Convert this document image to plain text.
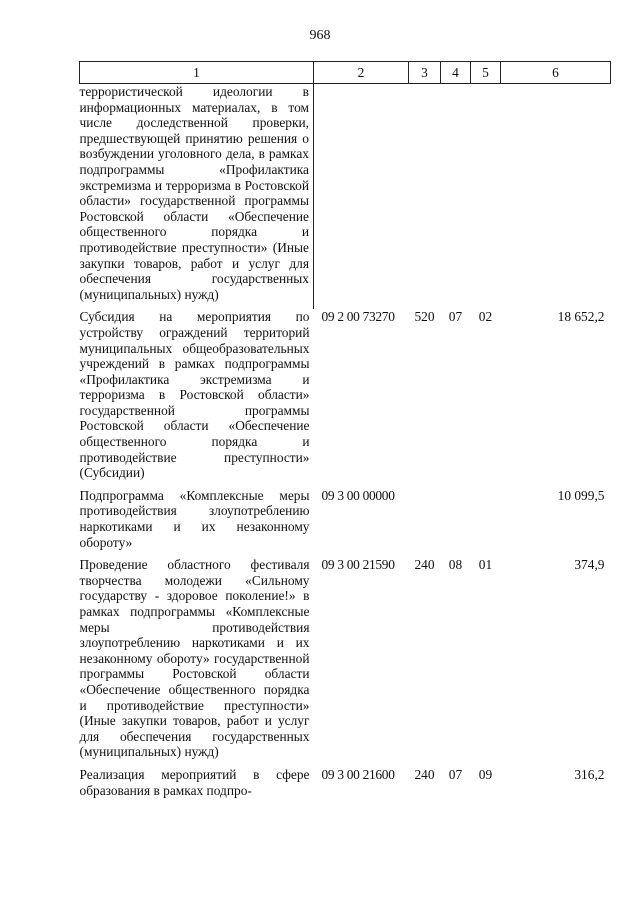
968
1	2	3	4	5	6
террористической идеологии в информационных материалах, в том числе доследственной проверки, предшествующей принятию решения о возбуждении уголовного дела, в рамках подпрограммы «Профилактика экстремизма и терроризма в Ростовской области» государственной программы Ростовской области «Обеспечение общественного порядка и противодействие преступности» (Иные закупки товаров, работ и услуг для обеспечения государственных (муниципальных) нужд)					
Субсидия на мероприятия по устройству ограждений территорий муниципальных общеобразовательных учреждений в рамках подпрограммы «Профилактика экстремизма и терроризма в Ростовской области» государственной программы Ростовской области «Обеспечение общественного порядка и противодействие преступности» (Субсидии)	09 2 00 73270	520	07	02	18 652,2
Подпрограмма «Комплексные меры противодействия злоупотреблению наркотиками и их незаконному обороту»	09 3 00 00000				10 099,5
Проведение областного фестиваля творчества молодежи «Сильному государству - здоровое поколение!» в рамках подпрограммы «Комплексные меры противодействия злоупотреблению наркотиками и их незаконному обороту» государственной программы Ростовской области «Обеспечение общественного порядка и противодействие преступности» (Иные закупки товаров, работ и услуг для обеспечения государственных (муниципальных) нужд)	09 3 00 21590	240	08	01	374,9
Реализация мероприятий в сфере образования в рамках подпро-	09 3 00 21600	240	07	09	316,2
